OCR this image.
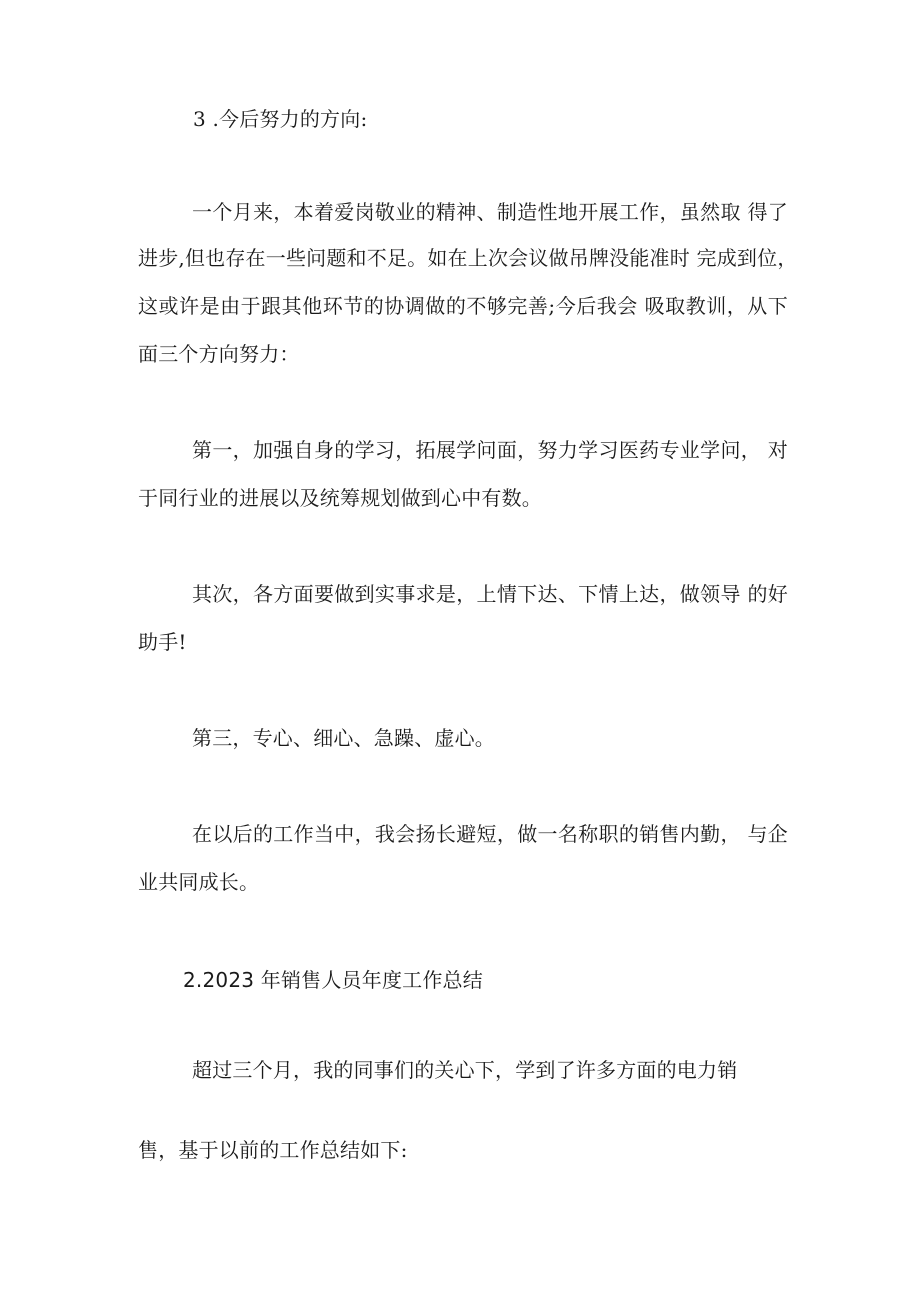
3 .今后努力的方向:
一个月来，本着爱岗敬业的精神、制造性地开展工作，虽然取 得了
进步,但也存在一些问题和不足。如在上次会议做吊牌没能准时 完成到位，
这或许是由于跟其他环节的协调做的不够完善;今后我会 吸取教训，从下
面三个方向努力：
第一，加强自身的学习，拓展学问面，努力学习医药专业学问， 对
于同行业的进展以及统筹规划做到心中有数。
其次，各方面要做到实事求是，上情下达、下情上达，做领导 的好
助手!
第三，专心、细心、急躁、虚心。
在以后的工作当中，我会扬长避短，做一名称职的销售内勤， 与企
业共同成长。
2.2023 年销售人员年度工作总结
超过三个月，我的同事们的关心下，学到了许多方面的电力销
售，基于以前的工作总结如下:
